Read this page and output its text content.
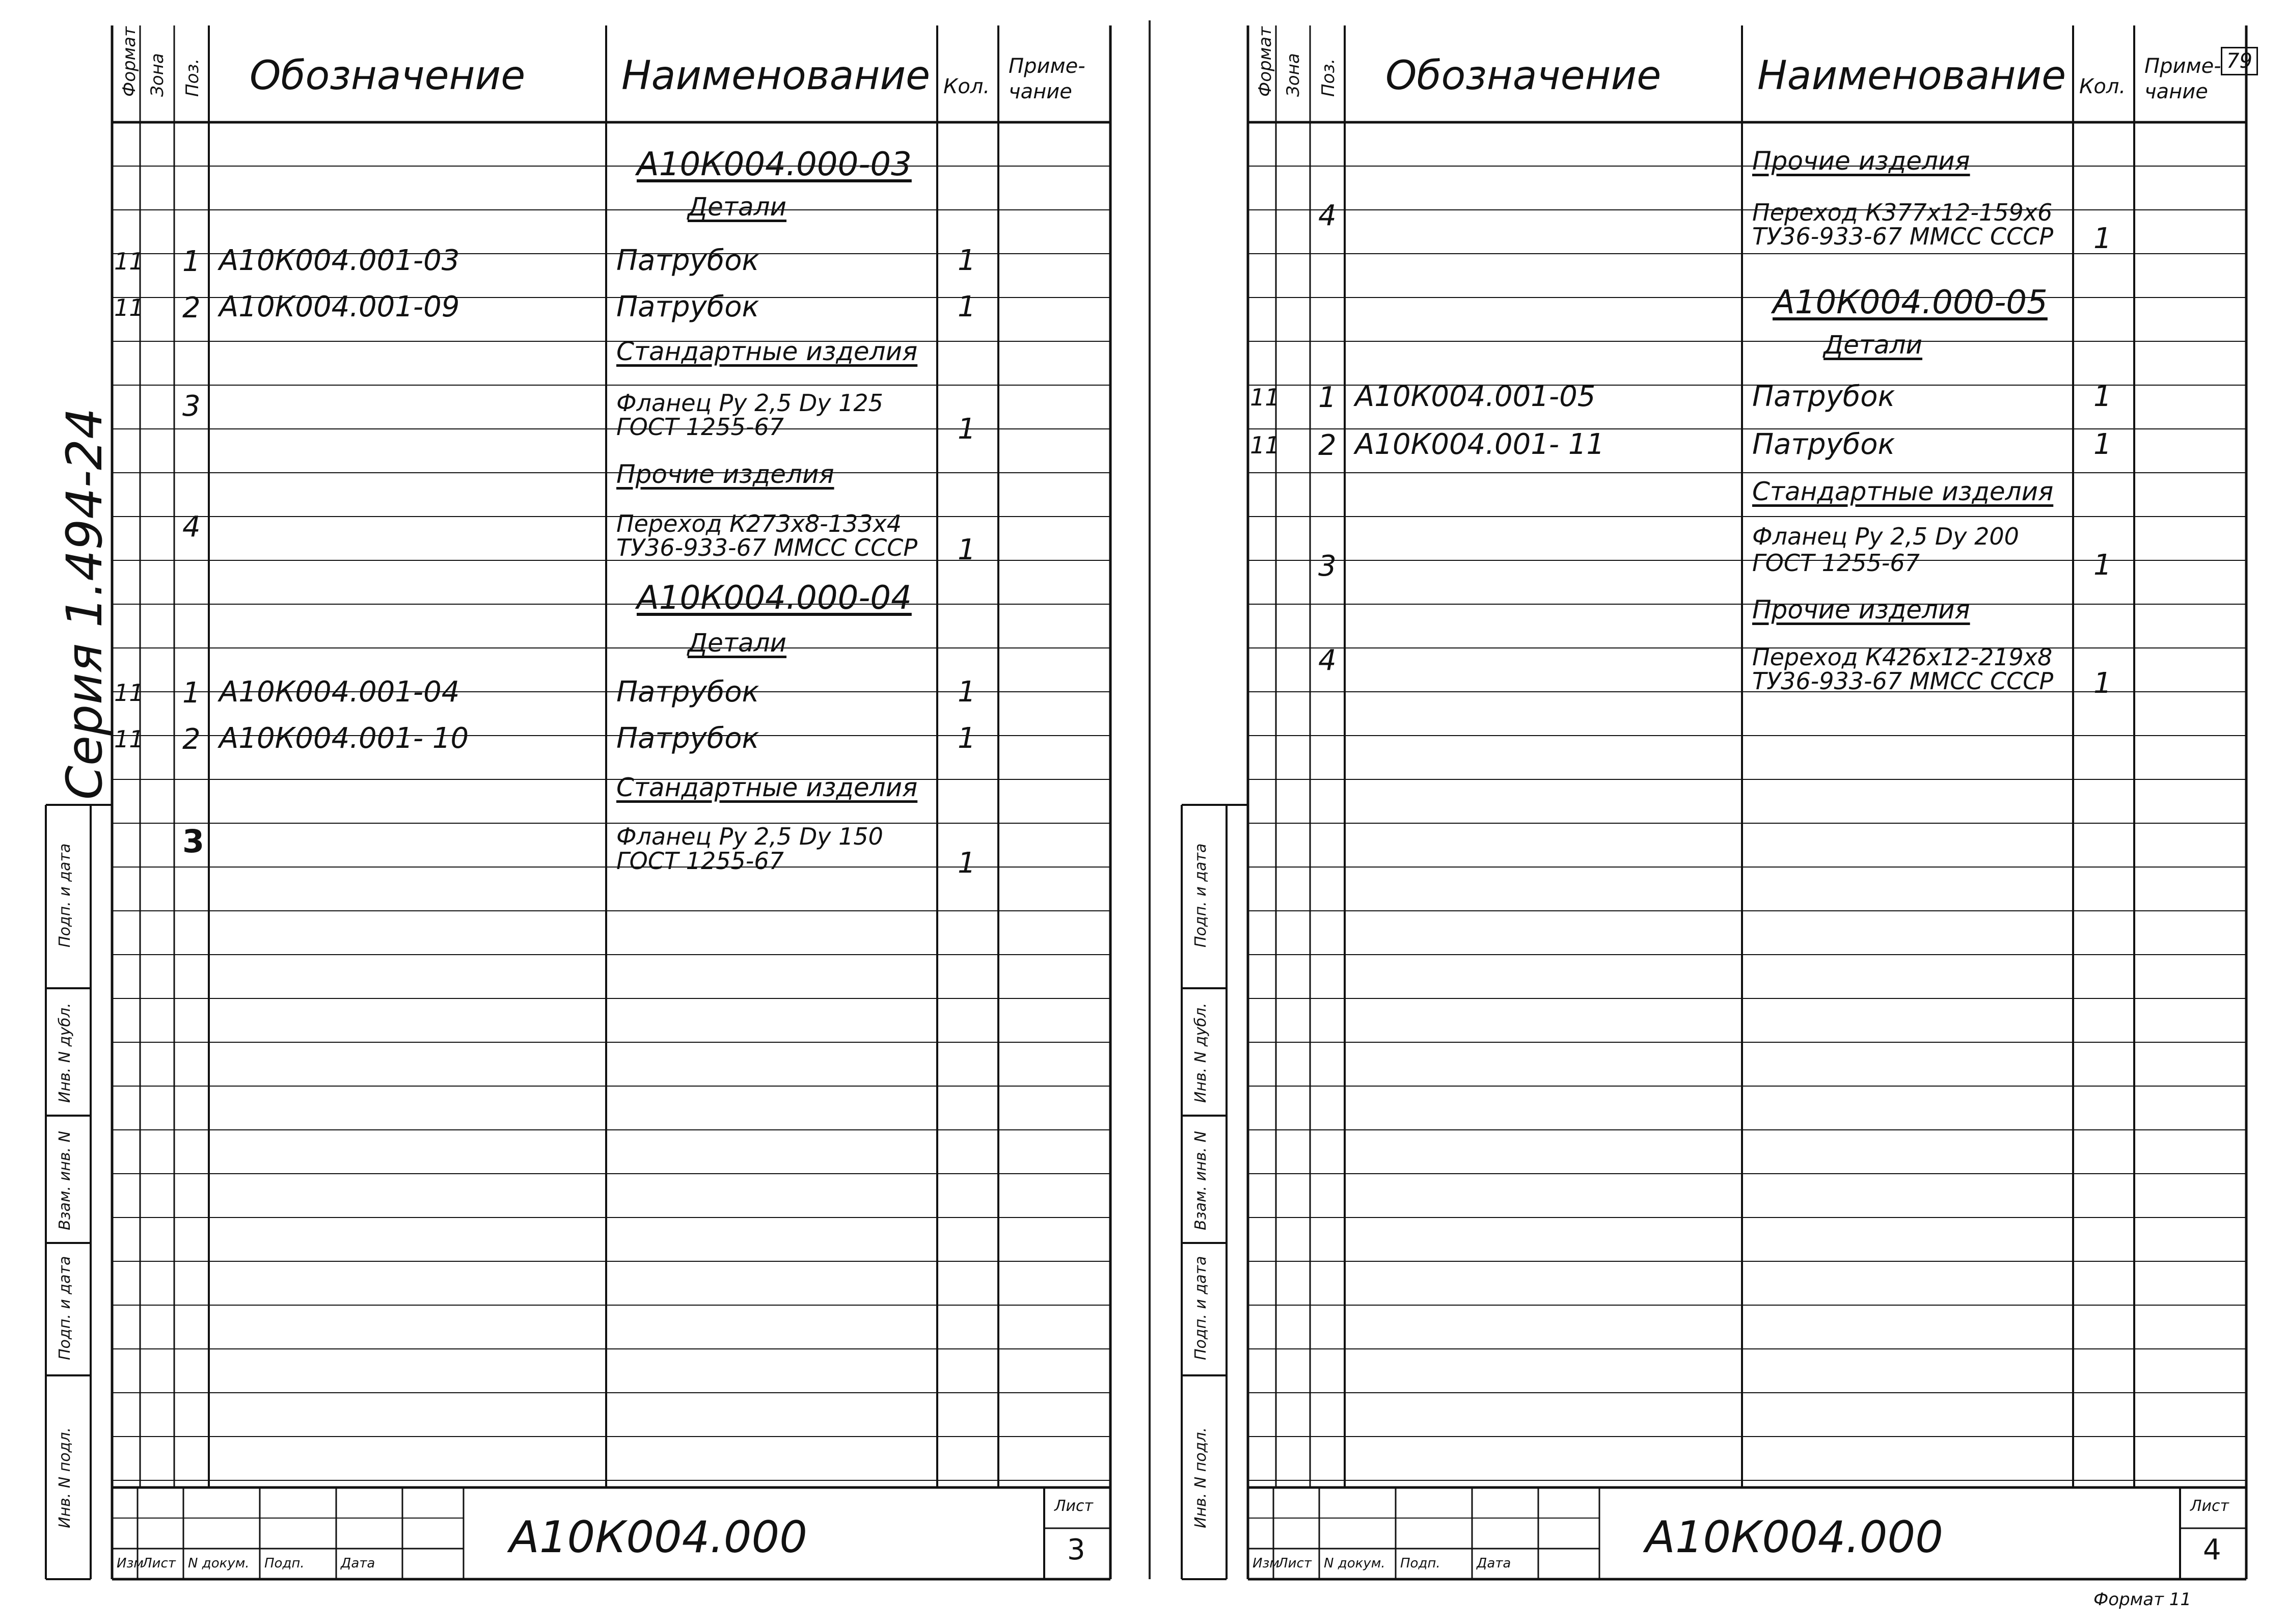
Инв. N подл.
Подп. и дата
Взам. инв. N
Инв. N дубл.
Подп. и дата
Формат Зона Поз. Обозначение Наименование Кол.
Приме-
чание
А10К004.000-03
Детали
11 1 А10К004.001-03	Патрубок	1
11 2 А10К004.001-09	Патрубок	1
Стандартные изделия
3	Фланец Pу 2,5 Dу 125
ГОСТ 1255-67	1
Прочие изделия
4	Переход К273х8-133х4
ТУ36-933-67 ММСС СССР 1
А10К004.000-04
Детали
11 1 А10К004.001-04	Патрубок	1
11 2 А10К004.001- 10	Патрубок	1
Стандартные изделия
3	Фланец Pу 2,5 Dу 150
ГОСТ 1255-67	1
Изм
Лист N докум. Подп.	Дата
А10К004.000
Лист
3
Инв. N подл.
Подп. и дата
Взам. инв. N
Инв. N дубл.
Подп. и дата
Формат Зона Поз. Обозначение Наименование Кол.
Приме-
чание
Прочие изделия
4	Переход К377х12-159х6
ТУ36-933-67 ММСС СССР 1
А10К004.000-05
Детали
11 1 А10К004.001-05	Патрубок	1
11 2 А10К004.001- 11	Патрубок	1
Стандартные изделия
Фланец Pу 2,5 Dу 200
3	ГОСТ 1255-67	1
Прочие изделия
4	Переход К426х12-219х8
ТУ36-933-67 ММСС СССР 1
Изм
Лист N докум. Подп.	Дата
А10К004.000
Лист
4
Серия 1.494-24
79
Формат 11
